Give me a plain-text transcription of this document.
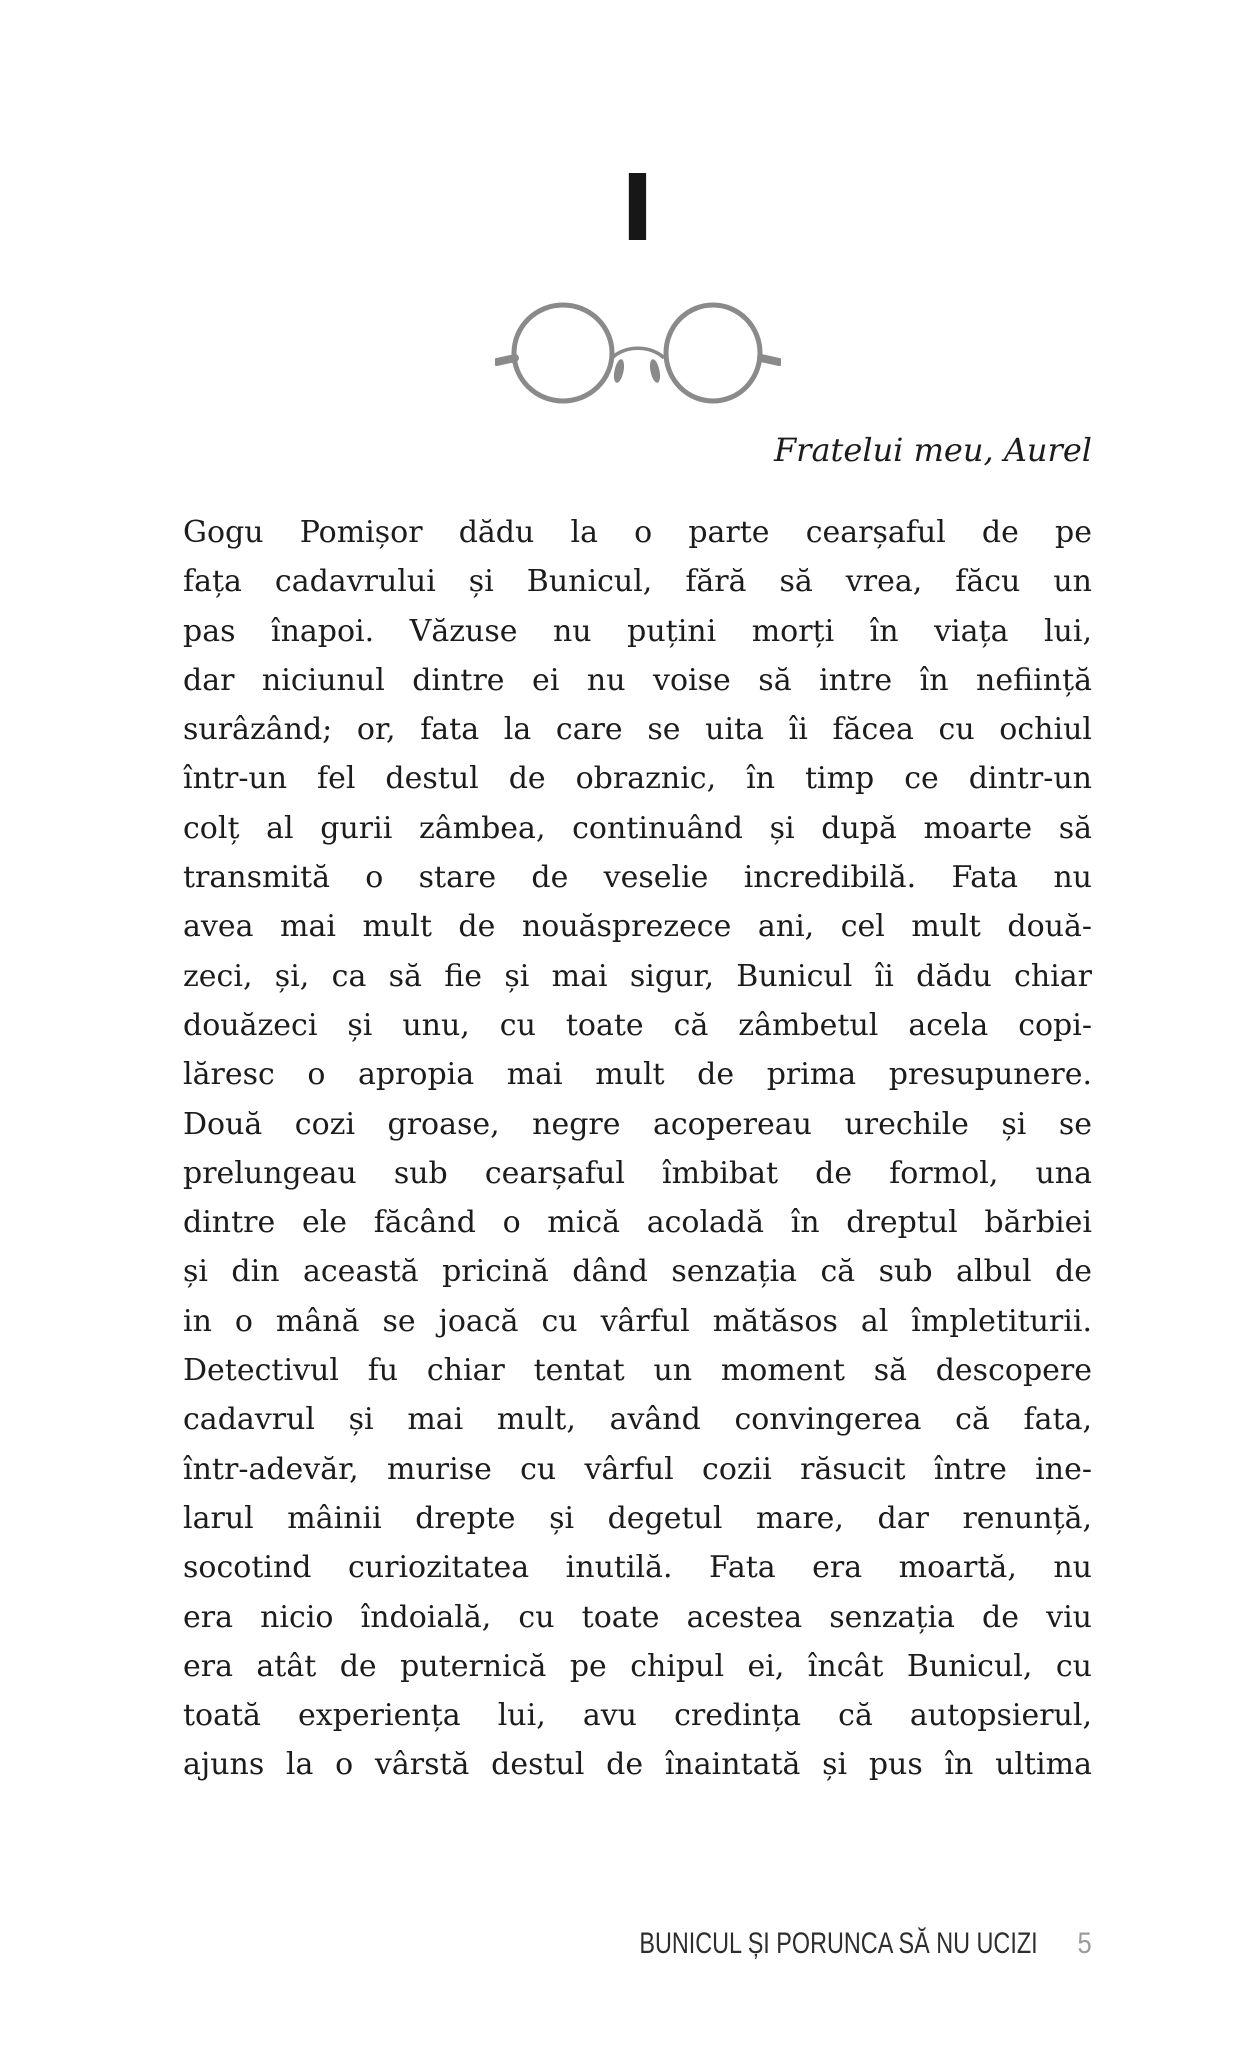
I
Fratelui meu, Aurel
Gogu Pomișor dădu la o parte cearșaful de pe
fața cadavrului și Bunicul, fără să vrea, făcu un
pas înapoi. Văzuse nu puțini morți în viața lui,
dar niciunul dintre ei nu voise să intre în neființă
surâzând; or, fata la care se uita îi făcea cu ochiul
într-un fel destul de obraznic, în timp ce dintr-un
colț al gurii zâmbea, continuând și după moarte să
transmită o stare de veselie incredibilă. Fata nu
avea mai mult de nouăsprezece ani, cel mult două-
zeci, și, ca să fie și mai sigur, Bunicul îi dădu chiar
douăzeci și unu, cu toate că zâmbetul acela copi-
lăresc o apropia mai mult de prima presupunere.
Două cozi groase, negre acopereau urechile și se
prelungeau sub cearșaful îmbibat de formol, una
dintre ele făcând o mică acoladă în dreptul bărbiei
și din această pricină dând senzația că sub albul de
in o mână se joacă cu vârful mătăsos al împletiturii.
Detectivul fu chiar tentat un moment să descopere
cadavrul și mai mult, având convingerea că fata,
într-adevăr, murise cu vârful cozii răsucit între ine-
larul mâinii drepte și degetul mare, dar renunță,
socotind curiozitatea inutilă. Fata era moartă, nu
era nicio îndoială, cu toate acestea senzația de viu
era atât de puternică pe chipul ei, încât Bunicul, cu
toată experiența lui, avu credința că autopsierul,
ajuns la o vârstă destul de înaintată și pus în ultima
BUNICUL ȘI PORUNCA SĂ NU UCIZI 5
